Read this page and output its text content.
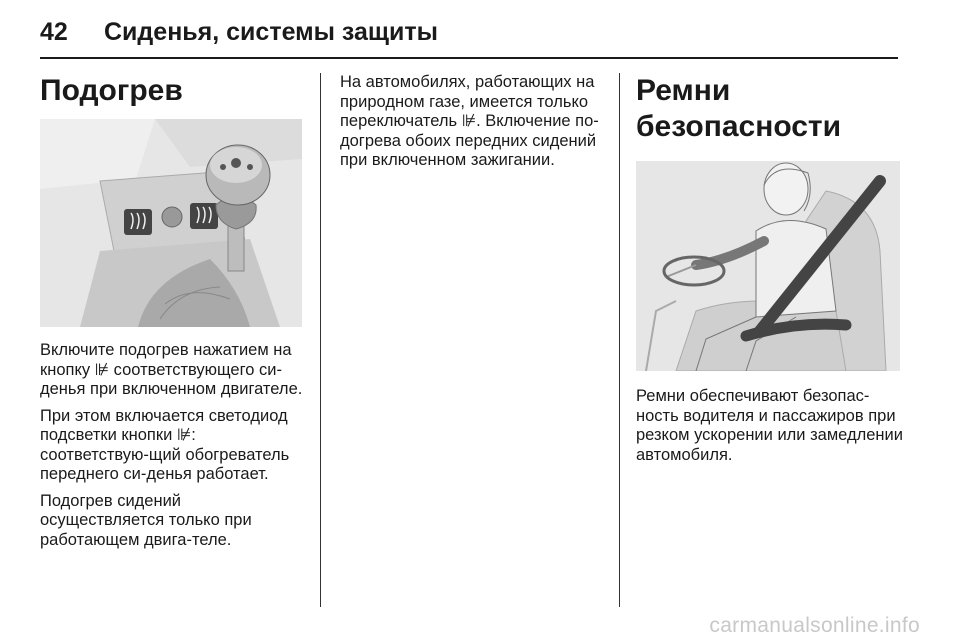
42	Сиденья, системы защиты
Подогрев

Включите подогрев нажатием на кнопку ⊯ соответствующего си-денья при включенном двигателе.

При этом включается светодиод подсветки кнопки ⊯: соответствую-щий обогреватель переднего си-денья работает.

Подогрев сидений осуществляется только при работающем двига-теле.

На автомобилях, работающих на природном газе, имеется только переключатель ⊯. Включение по-догрева обоих передних сидений при включенном зажигании.

Ремни безопасности

Ремни обеспечивают безопас-ность водителя и пассажиров при резком ускорении или замедлении автомобиля.

carmanualsonline.info
